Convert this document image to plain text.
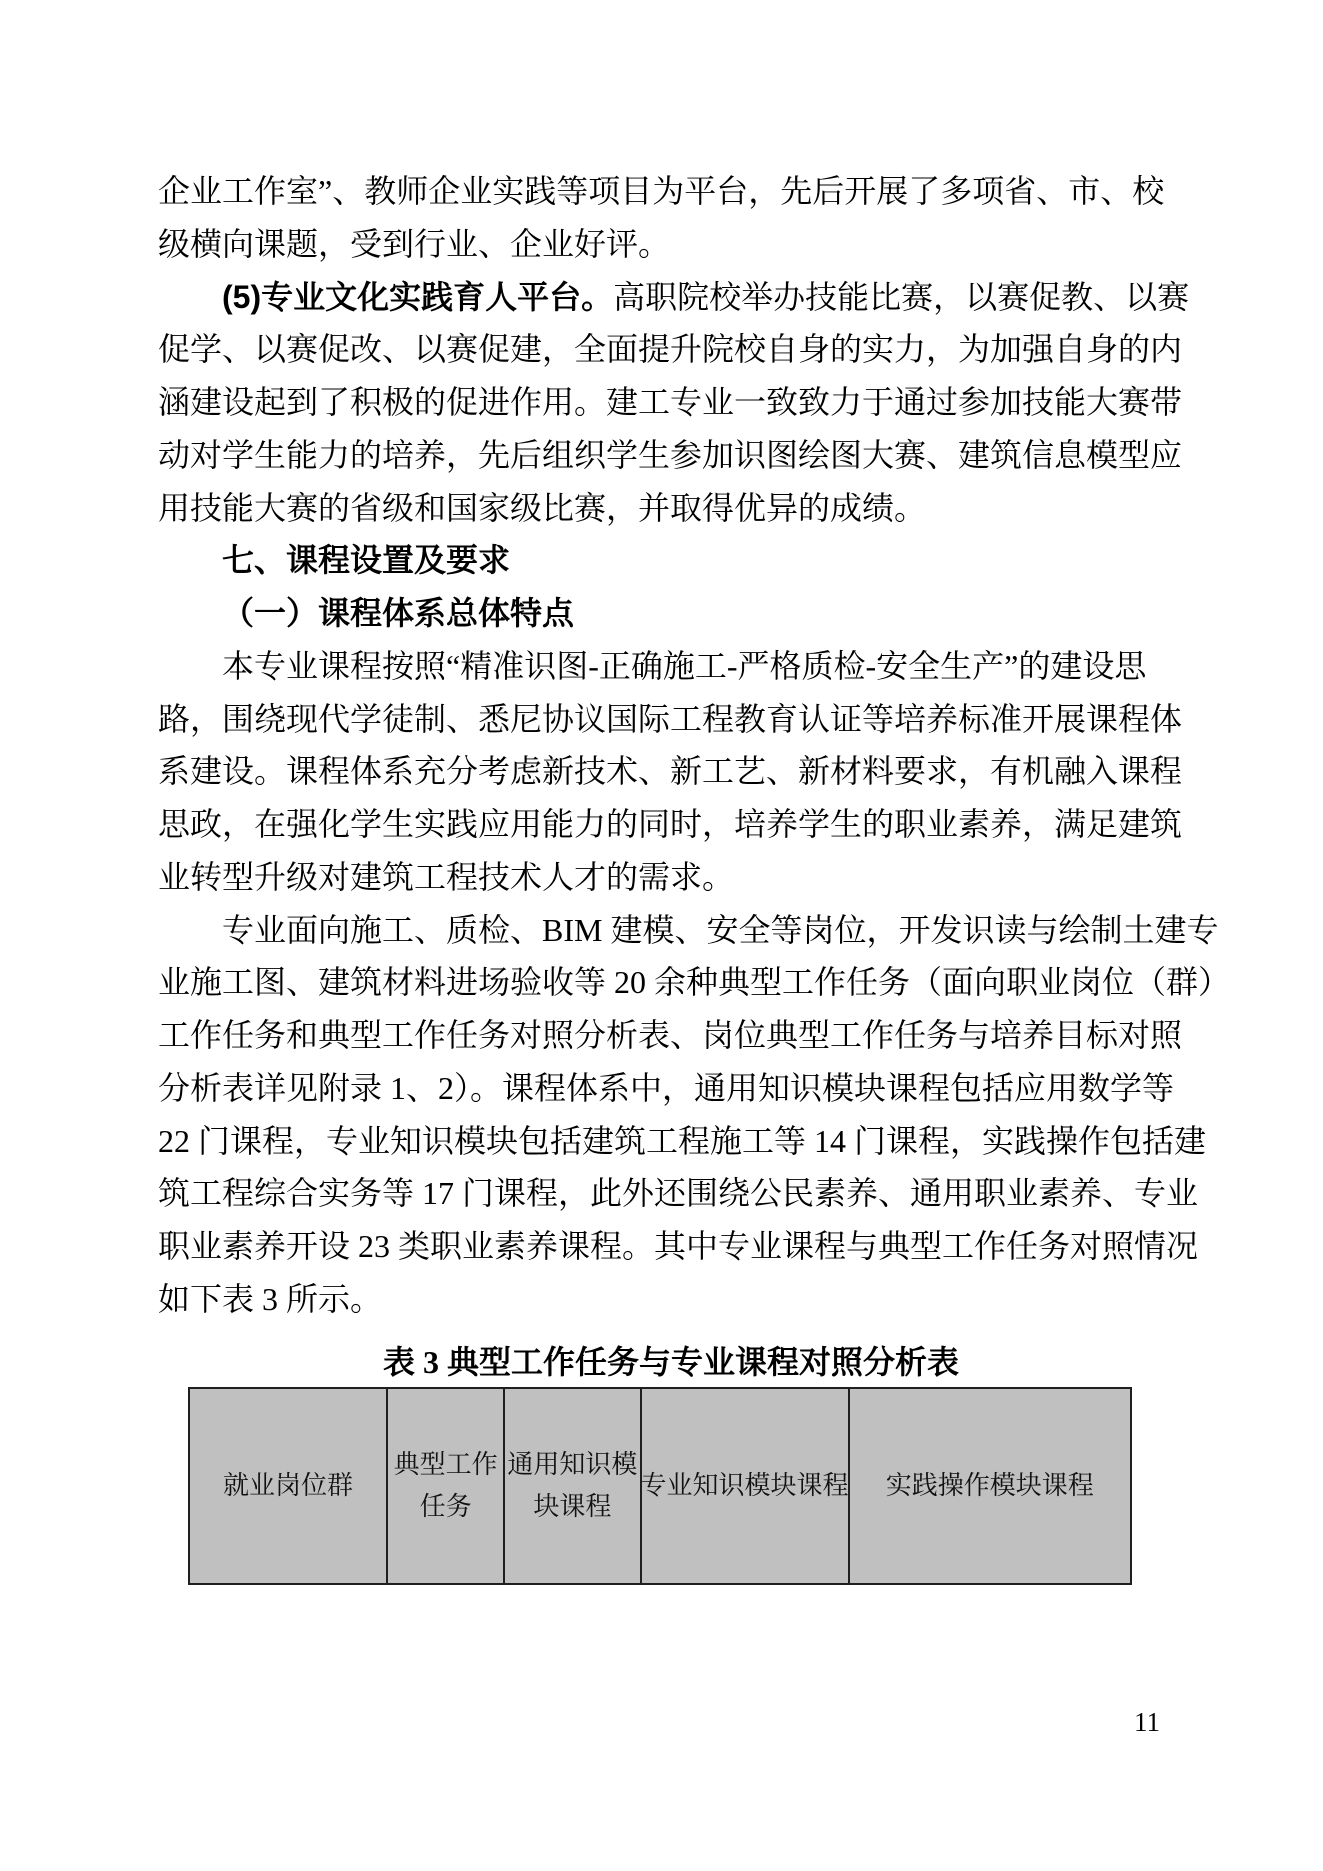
企业工作室”、教师企业实践等项目为平台，先后开展了多项省、市、校
级横向课题，受到行业、企业好评。
(5)专业文化实践育人平台。高职院校举办技能比赛，以赛促教、以赛
促学、以赛促改、以赛促建，全面提升院校自身的实力，为加强自身的内
涵建设起到了积极的促进作用。建工专业一致致力于通过参加技能大赛带
动对学生能力的培养，先后组织学生参加识图绘图大赛、建筑信息模型应
用技能大赛的省级和国家级比赛，并取得优异的成绩。
七、课程设置及要求
（一）课程体系总体特点
本专业课程按照“精准识图-正确施工-严格质检-安全生产”的建设思
路，围绕现代学徒制、悉尼协议国际工程教育认证等培养标准开展课程体
系建设。课程体系充分考虑新技术、新工艺、新材料要求，有机融入课程
思政，在强化学生实践应用能力的同时，培养学生的职业素养，满足建筑
业转型升级对建筑工程技术人才的需求。
专业面向施工、质检、BIM 建模、安全等岗位，开发识读与绘制土建专
业施工图、建筑材料进场验收等 20 余种典型工作任务（面向职业岗位（群）
工作任务和典型工作任务对照分析表、岗位典型工作任务与培养目标对照
分析表详见附录 1、2）。课程体系中，通用知识模块课程包括应用数学等
22 门课程，专业知识模块包括建筑工程施工等 14 门课程，实践操作包括建
筑工程综合实务等 17 门课程，此外还围绕公民素养、通用职业素养、专业
职业素养开设 23 类职业素养课程。其中专业课程与典型工作任务对照情况
如下表 3 所示。
表 3 典型工作任务与专业课程对照分析表
就业岗位群
典型工作任务
通用知识模块课程
专业知识模块课程 实践操作模块课程
11
